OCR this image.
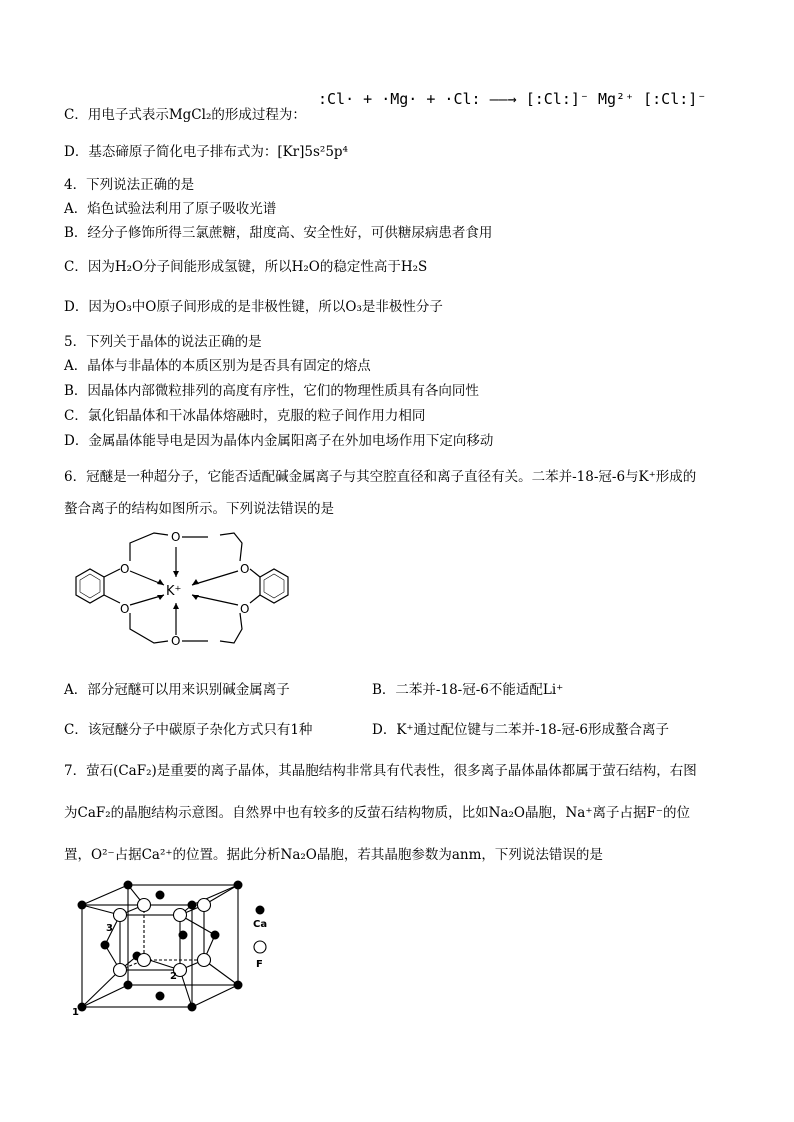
C．用电子式表示MgCl₂的形成过程为：
:Cl· + ·Mg· + ·Cl: ——→ [:Cl:]⁻ Mg²⁺ [:Cl:]⁻
D．基态碲原子简化电子排布式为：[Kr]5s²5p⁴
4．下列说法正确的是
A．焰色试验法利用了原子吸收光谱
B．经分子修饰所得三氯蔗糖，甜度高、安全性好，可供糖尿病患者食用
C．因为H₂O分子间能形成氢键，所以H₂O的稳定性高于H₂S
D．因为O₃中O原子间形成的是非极性键，所以O₃是非极性分子
5．下列关于晶体的说法正确的是
A．晶体与非晶体的本质区别为是否具有固定的熔点
B．因晶体内部微粒排列的高度有序性，它们的物理性质具有各向同性
C．氯化铝晶体和干冰晶体熔融时，克服的粒子间作用力相同
D．金属晶体能导电是因为晶体内金属阳离子在外加电场作用下定向移动
6．冠醚是一种超分子，它能否适配碱金属离子与其空腔直径和离子直径有关。二苯并-18-冠-6与K⁺形成的
螯合离子的结构如图所示。下列说法错误的是
O
O
O
O
O
O
K⁺
A．部分冠醚可以用来识别碱金属离子	B．二苯并-18-冠-6不能适配Li⁺
C．该冠醚分子中碳原子杂化方式只有1种	D．K⁺通过配位键与二苯并-18-冠-6形成螯合离子
7．萤石(CaF₂)是重要的离子晶体，其晶胞结构非常具有代表性，很多离子晶体晶体都属于萤石结构，右图
为CaF₂的晶胞结构示意图。自然界中也有较多的反萤石结构物质，比如Na₂O晶胞，Na⁺离子占据F⁻的位
置，O²⁻占据Ca²⁺的位置。据此分析Na₂O晶胞，若其晶胞参数为anm，下列说法错误的是
Ca
F
1
2
3
